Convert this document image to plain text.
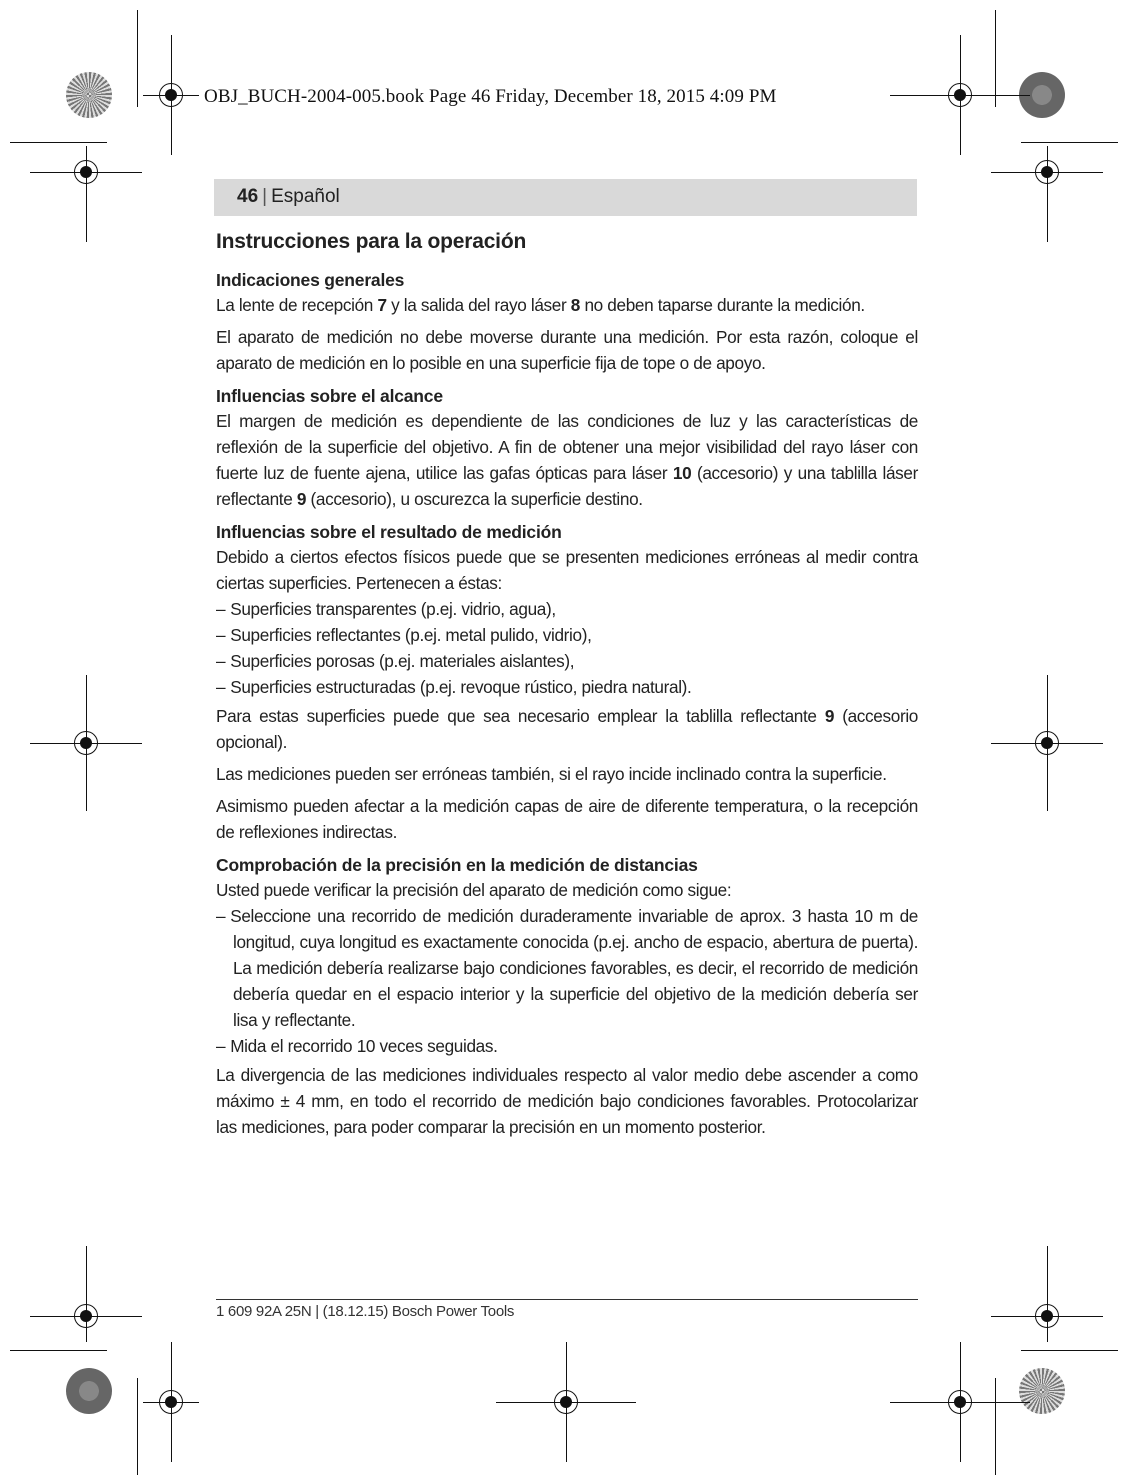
OBJ_BUCH-2004-005.book Page 46 Friday, December 18, 2015 4:09 PM
46 | Español
Instrucciones para la operación
Indicaciones generales

La lente de recepción 7 y la salida del rayo láser 8 no deben taparse durante la medición.

El aparato de medición no debe moverse durante una medición. Por esta razón, coloque el aparato de medición en lo posible en una superficie fija de tope o de apoyo.

Influencias sobre el alcance

El margen de medición es dependiente de las condiciones de luz y las características de reflexión de la superficie del objetivo. A fin de obtener una mejor visibilidad del rayo láser con fuerte luz de fuente ajena, utilice las gafas ópticas para láser 10 (accesorio) y una tablilla láser reflectante 9 (accesorio), u oscurezca la superficie destino.

Influencias sobre el resultado de medición

Debido a ciertos efectos físicos puede que se presenten mediciones erróneas al medir contra ciertas superficies. Pertenecen a éstas:

– Superficies transparentes (p.ej. vidrio, agua),
– Superficies reflectantes (p.ej. metal pulido, vidrio),
– Superficies porosas (p.ej. materiales aislantes),
– Superficies estructuradas (p.ej. revoque rústico, piedra natural).

Para estas superficies puede que sea necesario emplear la tablilla reflectante 9 (accesorio opcional).

Las mediciones pueden ser erróneas también, si el rayo incide inclinado contra la superficie.

Asimismo pueden afectar a la medición capas de aire de diferente temperatura, o la recepción de reflexiones indirectas.

Comprobación de la precisión en la medición de distancias

Usted puede verificar la precisión del aparato de medición como sigue:

– Seleccione una recorrido de medición duraderamente invariable de aprox. 3 hasta 10 m de longitud, cuya longitud es exactamente conocida (p.ej. ancho de espacio, abertura de puerta). La medición debería realizarse bajo condiciones favorables, es decir, el recorrido de medición debería quedar en el espacio interior y la superficie del objetivo de la medición debería ser lisa y reflectante.
– Mida el recorrido 10 veces seguidas.

La divergencia de las mediciones individuales respecto al valor medio debe ascender a como máximo ± 4 mm, en todo el recorrido de medición bajo condiciones favorables. Protocolarizar las mediciones, para poder comparar la precisión en un momento posterior.

1 609 92A 25N | (18.12.15) Bosch Power Tools
